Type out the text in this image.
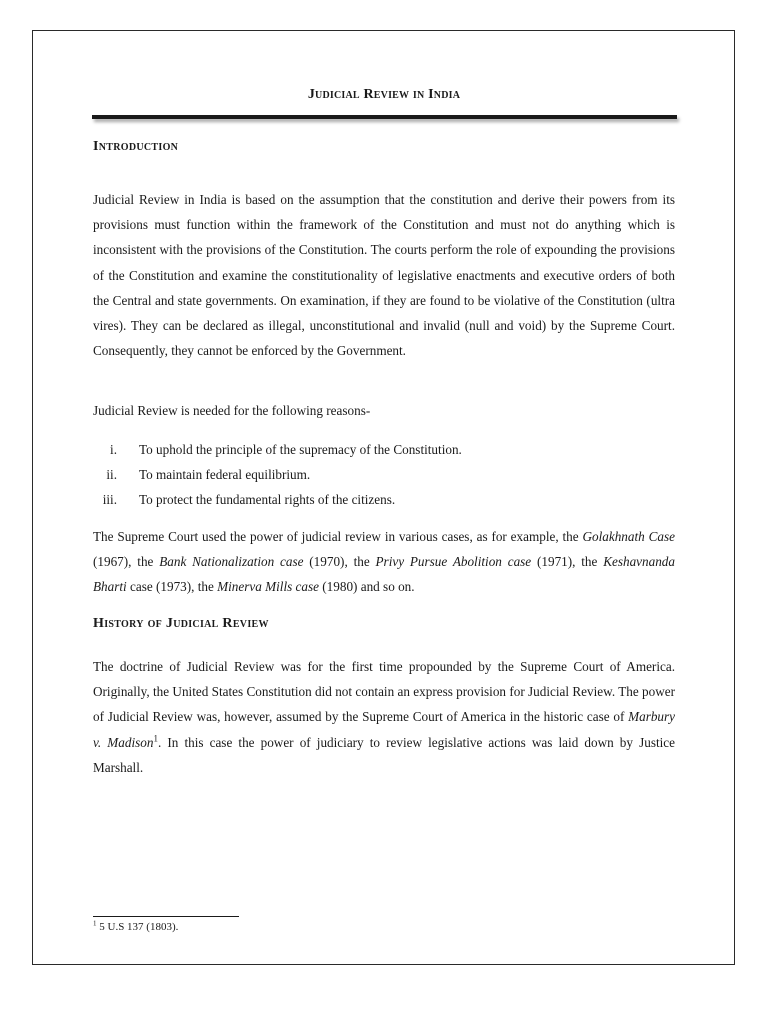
Judicial Review in India
Introduction

Judicial Review in India is based on the assumption that the constitution and derive their powers from its provisions must function within the framework of the Constitution and must not do anything which is inconsistent with the provisions of the Constitution. The courts perform the role of expounding the provisions of the Constitution and examine the constitutionality of legislative enactments and executive orders of both the Central and state governments. On examination, if they are found to be violative of the Constitution (ultra vires). They can be declared as illegal, unconstitutional and invalid (null and void) by the Supreme Court. Consequently, they cannot be enforced by the Government.

Judicial Review is needed for the following reasons-

i. To uphold the principle of the supremacy of the Constitution.
ii. To maintain federal equilibrium.
iii. To protect the fundamental rights of the citizens.

The Supreme Court used the power of judicial review in various cases, as for example, the Golakhnath Case (1967), the Bank Nationalization case (1970), the Privy Pursue Abolition case (1971), the Keshavnanda Bharti case (1973), the Minerva Mills case (1980) and so on.

History of Judicial Review

The doctrine of Judicial Review was for the first time propounded by the Supreme Court of America. Originally, the United States Constitution did not contain an express provision for Judicial Review. The power of Judicial Review was, however, assumed by the Supreme Court of America in the historic case of Marbury v. Madison$^1$. In this case the power of judiciary to review legislative actions was laid down by Justice Marshall.

$^1$ 5 U.S 137 (1803).
